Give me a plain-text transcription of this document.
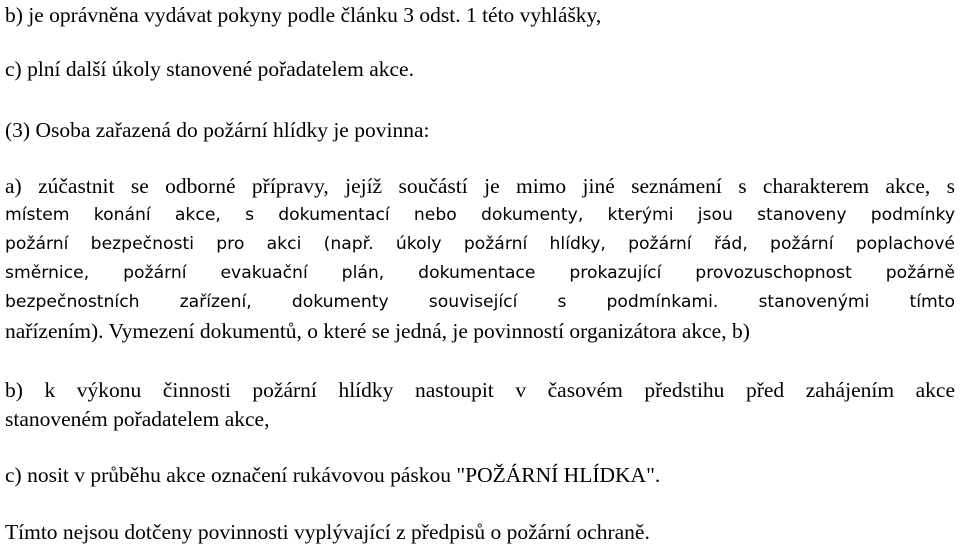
b) je oprávněna vydávat pokyny podle článku 3 odst. 1 této vyhlášky,
c) plní další úkoly stanovené pořadatelem akce.
(3) Osoba zařazená do požární hlídky je povinna:
a) zúčastnit se odborné přípravy, jejíž součástí je mimo jiné seznámení s charakterem akce, s
místem konání akce, s dokumentací nebo dokumenty, kterými jsou stanoveny podmínky
požární bezpečnosti pro akci (např. úkoly požární hlídky, požární řád, požární poplachové
směrnice, požární evakuační plán, dokumentace prokazující provozuschopnost požárně
bezpečnostních zařízení, dokumenty související s podmínkami. stanovenými tímto
nařízením). Vymezení dokumentů, o které se jedná, je povinností organizátora akce, b)
b) k výkonu činnosti požární hlídky nastoupit v časovém předstihu před zahájením akce
stanoveném pořadatelem akce,
c) nosit v průběhu akce označení rukávovou páskou "POŽÁRNÍ HLÍDKA".
Tímto nejsou dotčeny povinnosti vyplývající z předpisů o požární ochraně.
